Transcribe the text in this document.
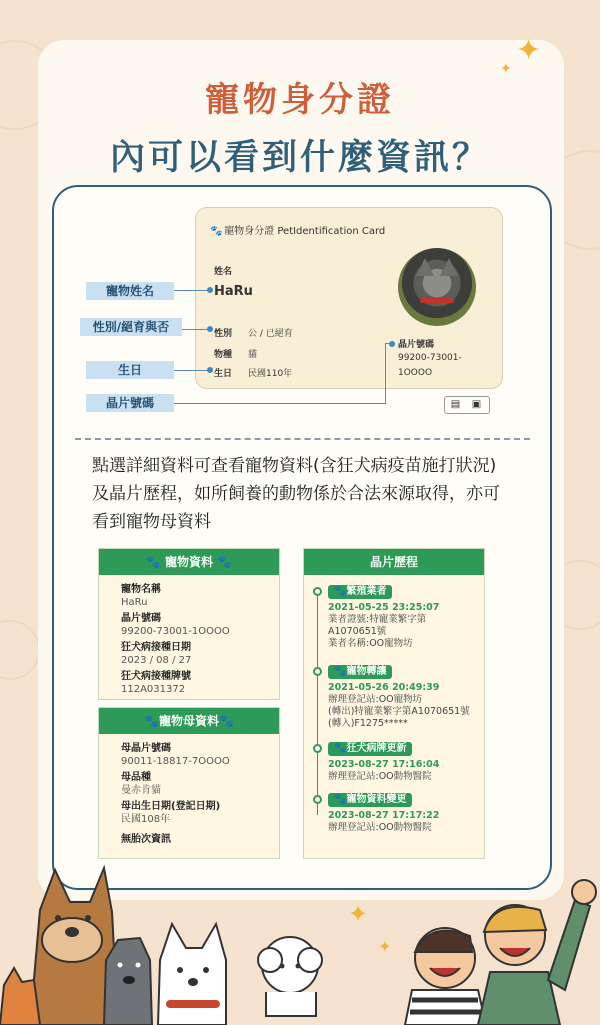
✦
✦
寵物身分證
內可以看到什麼資訊？
🐾 寵物身分證 PetIdentification Card
姓名
HaRu
性別 公 / 已絕育
物種 貓
生日 民國110年
晶片號碼
99200-73001-1OOOO
寵物姓名
性別/絕育與否
生日
晶片號碼	▤ ▣

點選詳細資料可查看寵物資料(含狂犬病疫苗施打狀況)及晶片歷程，如所飼養的動物係於合法來源取得，亦可看到寵物母資料

🐾 寵物資料 🐾
寵物名稱
HaRu
晶片號碼
99200-73001-1OOOO
狂犬病接種日期
2023 / 08 / 27
狂犬病接種牌號
112A031372
🐾寵物母資料🐾
母晶片號碼
90011-18817-7OOOO
母品種
曼赤肯貓
母出生日期(登記日期)
民國108年
無胎次資訊
晶片歷程
🐾繁殖業者
2021-05-25 23:25:07
業者證號:特寵業繁字第
A1070651號
業者名稱:OO寵物坊
🐾寵物轉讓
2021-05-26 20:49:39
辦理登記站:OO寵物坊
(轉出)特寵業繁字第A1070651號
(轉入)F1275*****
🐾狂犬病牌更新
2023-08-27 17:16:04
辦理登記站:OO動物醫院
🐾寵物資料變更
2023-08-27 17:17:22
辦理登記站:OO動物醫院
✦
✦
